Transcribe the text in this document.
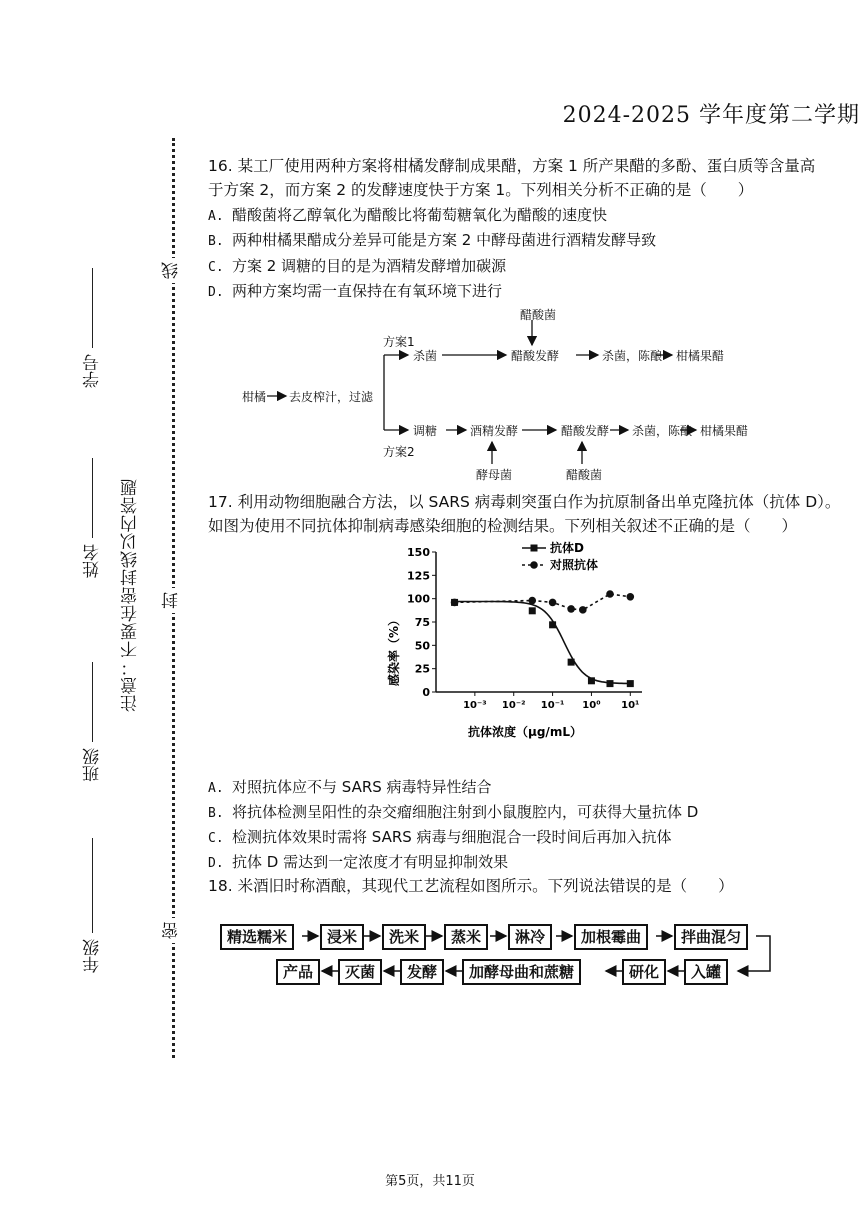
2024-2025 学年度第二学期
线
封
密
学号
姓名
班级
年级
注意：不要在密封线以内答题
16. 某工厂使用两种方案将柑橘发酵制成果醋，方案 1 所产果醋的多酚、蛋白质等含量高
于方案 2，而方案 2 的发酵速度快于方案 1。下列相关分析不正确的是（　　）
A. 醋酸菌将乙醇氧化为醋酸比将葡萄糖氧化为醋酸的速度快
B. 两种柑橘果醋成分差异可能是方案 2 中酵母菌进行酒精发酵导致
C. 方案 2 调糖的目的是为酒精发酵增加碳源
D. 两种方案均需一直保持在有氧环境下进行
柑橘 去皮榨汁，过滤
方案1
方案2
杀菌	醋酸发酵	杀菌，陈酿 柑橘果醋
醋酸菌
调糖	酒精发酵	醋酸发酵 杀菌，陈酿 柑橘果醋
酵母菌	醋酸菌
17. 利用动物细胞融合方法，以 SARS 病毒刺突蛋白作为抗原制备出单克隆抗体（抗体 D）。
如图为使用不同抗体抑制病毒感染细胞的检测结果。下列相关叙述不正确的是（　　）
0
25
50
75
100
125
150
10⁻³ 10⁻² 10⁻¹ 10⁰ 10¹
感染率（%）
抗体浓度（μg/mL）
抗体D
对照抗体
A. 对照抗体应不与 SARS 病毒特异性结合
B. 将抗体检测呈阳性的杂交瘤细胞注射到小鼠腹腔内，可获得大量抗体 D
C. 检测抗体效果时需将 SARS 病毒与细胞混合一段时间后再加入抗体
D. 抗体 D 需达到一定浓度才有明显抑制效果
18. 米酒旧时称酒酿，其现代工艺流程如图所示。下列说法错误的是（　　）
精选糯米	浸米	洗米	蒸米	淋冷	加根霉曲	拌曲混匀
产品	灭菌	发酵	加酵母曲和蔗糖	研化	入罐
第5页，共11页
